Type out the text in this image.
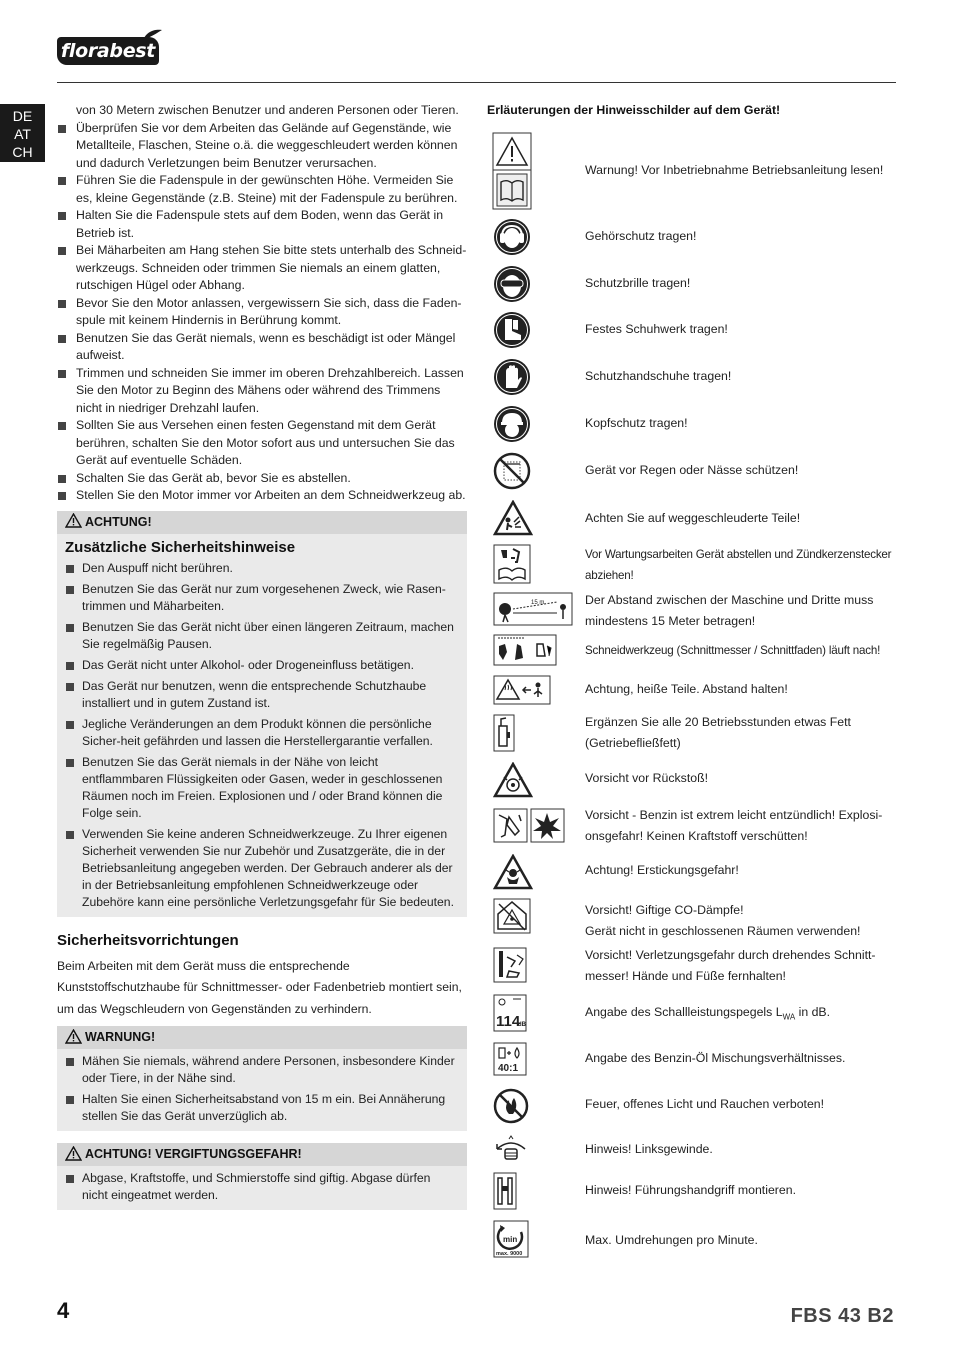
florabest
DE
AT
CH
von 30 Metern zwischen Benutzer und anderen Personen oder Tieren.
Überprüfen Sie vor dem Arbeiten das Gelände auf Gegenstände, wie Metallteile, Flaschen, Steine o.ä. die weggeschleudert werden können und dadurch Verletzungen beim Benutzer verursachen.
Führen Sie die Fadenspule in der gewünschten Höhe. Vermeiden Sie es, kleine Gegenstände (z.B. Steine) mit der Fadenspule zu berühren.
Halten Sie die Fadenspule stets auf dem Boden, wenn das Gerät in Betrieb ist.
Bei Mäharbeiten am Hang stehen Sie bitte stets unterhalb des Schneid-werkzeugs. Schneiden oder trimmen Sie niemals an einem glatten, rutschigen Hügel oder Abhang.
Bevor Sie den Motor anlassen, vergewissern Sie sich, dass die Faden-spule mit keinem Hindernis in Berührung kommt.
Benutzen Sie das Gerät niemals, wenn es beschädigt ist oder Mängel aufweist.
Trimmen und schneiden Sie immer im oberen Drehzahlbereich. Lassen Sie den Motor zu Beginn des Mähens oder während des Trimmens nicht in niedriger Drehzahl laufen.
Sollten Sie aus Versehen einen festen Gegenstand mit dem Gerät berühren, schalten Sie den Motor sofort aus und untersuchen Sie das Gerät auf eventuelle Schäden.
Schalten Sie das Gerät ab, bevor Sie es abstellen.
Stellen Sie den Motor immer vor Arbeiten an dem Schneidwerkzeug ab.
ACHTUNG!
Zusätzliche Sicherheitshinweise
Den Auspuff nicht berühren.
Benutzen Sie das Gerät nur zum vorgesehenen Zweck, wie Rasen-trimmen und Mäharbeiten.
Benutzen Sie das Gerät nicht über einen längeren Zeitraum, machen Sie regelmäßig Pausen.
Das Gerät nicht unter Alkohol- oder Drogeneinfluss betätigen.
Das Gerät nur benutzen, wenn die entsprechende Schutzhaube installiert und in gutem Zustand ist.
Jegliche Veränderungen an dem Produkt können die persönliche Sicher-heit gefährden und lassen die Herstellergarantie verfallen.
Benutzen Sie das Gerät niemals in der Nähe von leicht entflammbaren Flüssigkeiten oder Gasen, weder in geschlossenen Räumen noch im Freien. Explosionen und / oder Brand können die Folge sein.
Verwenden Sie keine anderen Schneidwerkzeuge. Zu Ihrer eigenen Sicherheit verwenden Sie nur Zubehör und Zusatzgeräte, die in der Betriebsanleitung angegeben werden. Der Gebrauch anderer als der in der Betriebsanleitung empfohlenen Schneidwerkzeuge oder Zubehöre kann eine persönliche Verletzungsgefahr für Sie bedeuten.
Sicherheitsvorrichtungen

Beim Arbeiten mit dem Gerät muss die entsprechende Kunststoffschutzhaube für Schnittmesser- oder Fadenbetrieb montiert sein, um das Wegschleudern von Gegenständen zu verhindern.

WARNUNG!
Mähen Sie niemals, während andere Personen, insbesondere Kinder oder Tiere, in der Nähe sind.
Halten Sie einen Sicherheitsabstand von 15 m ein. Bei Annäherung stellen Sie das Gerät unverzüglich ab.
ACHTUNG! VERGIFTUNGSGEFAHR!
Abgase, Kraftstoffe, und Schmierstoffe sind giftig. Abgase dürfen nicht eingeatmet werden.
Erläuterungen der Hinweisschilder auf dem Gerät!
Warnung! Vor Inbetriebnahme Betriebsanleitung lesen!
Gehörschutz tragen!
Schutzbrille tragen!
Festes Schuhwerk tragen!
Schutzhandschuhe tragen!
Kopfschutz tragen!
Gerät vor Regen oder Nässe schützen!
Achten Sie auf weggeschleuderte Teile!
Vor Wartungsarbeiten Gerät abstellen und Zündkerzenstecker abziehen!
15 m	Der Abstand zwischen der Maschine und Dritte muss mindestens 15 Meter betragen!
Schneidwerkzeug (Schnittmesser / Schnittfaden) läuft nach!
Achtung, heiße Teile. Abstand halten!
Ergänzen Sie alle 20 Betriebsstunden etwas Fett (Getriebefließfett)
Vorsicht vor Rückstoß!
Vorsicht - Benzin ist extrem leicht entzündlich! Explosi-onsgefahr! Keinen Kraftstoff verschütten!
Achtung! Erstickungsgefahr!
Vorsicht! Giftige CO-Dämpfe!
Gerät nicht in geschlossenen Räumen verwenden!
Vorsicht! Verletzungsgefahr durch drehendes Schnitt-messer! Hände und Füße fernhalten!
114
dB
Angabe des Schallleistungspegels $L_{WA}$ in dB.
40:1
Angabe des Benzin-Öl Mischungsverhältnisses.
Feuer, offenes Licht und Rauchen verboten!
Hinweis! Linksgewinde.
Hinweis! Führungshandgriff montieren.
min
max. 9000
Max. Umdrehungen pro Minute.
4	FBS 43 B2
